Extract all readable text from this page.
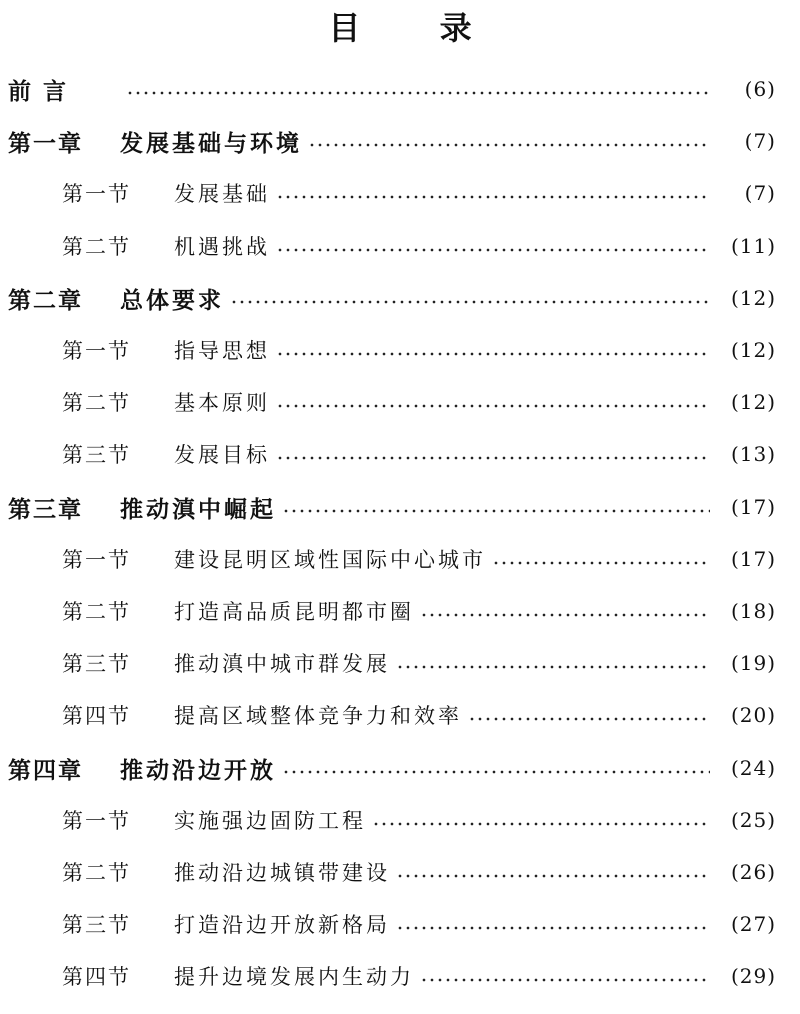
目 录
前 言	(6)
第一章	发展基础与环境	(7)
第一节	发展基础	(7)
第二节	机遇挑战	(11)
第二章	总体要求	(12)
第一节	指导思想	(12)
第二节	基本原则	(12)
第三节	发展目标	(13)
第三章	推动滇中崛起	(17)
第一节	建设昆明区域性国际中心城市	(17)
第二节	打造高品质昆明都市圈	(18)
第三节	推动滇中城市群发展	(19)
第四节	提高区域整体竞争力和效率	(20)
第四章	推动沿边开放	(24)
第一节	实施强边固防工程	(25)
第二节	推动沿边城镇带建设	(26)
第三节	打造沿边开放新格局	(27)
第四节	提升边境发展内生动力	(29)
